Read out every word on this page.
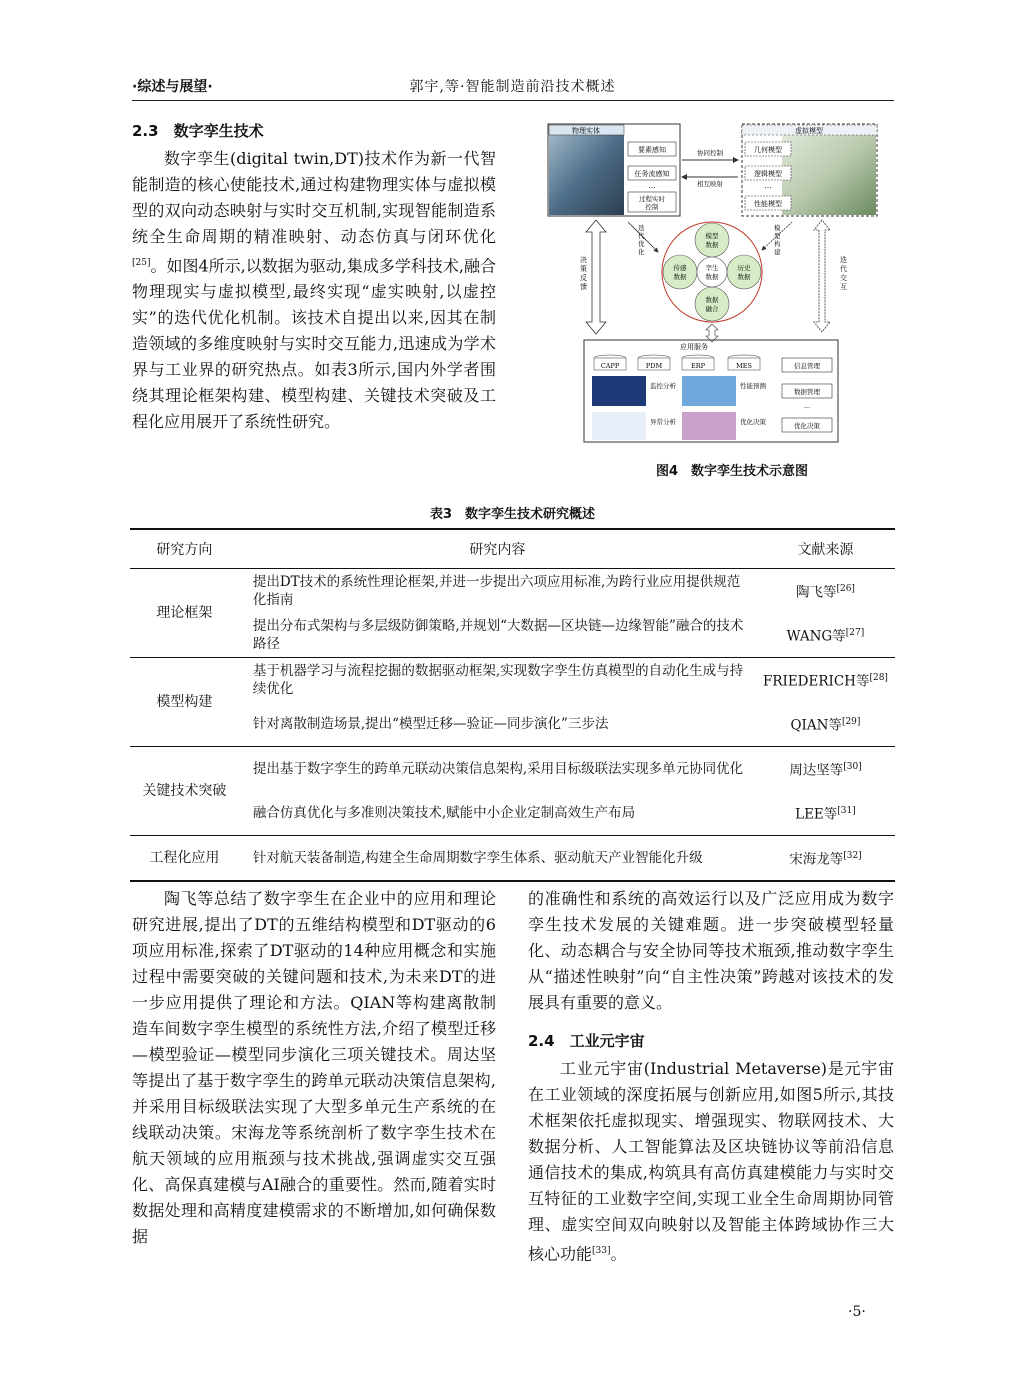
·综述与展望·	郭宇,等·智能制造前沿技术概述
2.3　数字孪生技术

数字孪生(digital twin,DT)技术作为新一代智能制造的核心使能技术,通过构建物理实体与虚拟模型的双向动态映射与实时交互机制,实现智能制造系统全生命周期的精准映射、动态仿真与闭环优化[25]。如图4所示,以数据为驱动,集成多学科技术,融合物理现实与虚拟模型,最终实现“虚实映射,以虚控实”的迭代优化机制。该技术自提出以来,因其在制造领域的多维度映射与实时交互能力,迅速成为学术界与工业界的研究热点。如表3所示,国内外学者围绕其理论框架构建、模型构建、关键技术突破及工程化应用展开了系统性研究。

物理实体
要素感知
任务流感知
…
过程实时
控制
虚拟模型
几何模型
逻辑模型
…
性能模型
协同控制
相互映射
决策反馈
迭代交互
迭代优化
模型构建
模型
数据
传感
数据
历史
数据
数据
融合
孪生
数据
应用服务
CAPP	PDM	ERP	MES
监控分析	性能预测
异常分析	优化决策
信息管理
数据管理
…
优化决策
图4　数字孪生技术示意图
表3　数字孪生技术研究概述
研究方向	研究内容	文献来源
理论框架	提出DT技术的系统性理论框架,并进一步提出六项应用标准,为跨行业应用提供规范化指南	陶飞等[26]
	提出分布式架构与多层级防御策略,并规划“大数据—区块链—边缘智能”融合的技术路径	WANG等[27]
模型构建	基于机器学习与流程挖掘的数据驱动框架,实现数字孪生仿真模型的自动化生成与持续优化	FRIEDERICH等[28]
	针对离散制造场景,提出“模型迁移—验证—同步演化”三步法	QIAN等[29]
关键技术突破	提出基于数字孪生的跨单元联动决策信息架构,采用目标级联法实现多单元协同优化	周达坚等[30]
	融合仿真优化与多准则决策技术,赋能中小企业定制高效生产布局	LEE等[31]
工程化应用	针对航天装备制造,构建全生命周期数字孪生体系、驱动航天产业智能化升级	宋海龙等[32]

陶飞等总结了数字孪生在企业中的应用和理论研究进展,提出了DT的五维结构模型和DT驱动的6项应用标准,探索了DT驱动的14种应用概念和实施过程中需要突破的关键问题和技术,为未来DT的进一步应用提供了理论和方法。QIAN等构建离散制造车间数字孪生模型的系统性方法,介绍了模型迁移—模型验证—模型同步演化三项关键技术。周达坚等提出了基于数字孪生的跨单元联动决策信息架构,并采用目标级联法实现了大型多单元生产系统的在线联动决策。宋海龙等系统剖析了数字孪生技术在航天领域的应用瓶颈与技术挑战,强调虚实交互强化、高保真建模与AI融合的重要性。然而,随着实时数据处理和高精度建模需求的不断增加,如何确保数据

的准确性和系统的高效运行以及广泛应用成为数字孪生技术发展的关键难题。进一步突破模型轻量化、动态耦合与安全协同等技术瓶颈,推动数字孪生从“描述性映射”向“自主性决策”跨越对该技术的发展具有重要的意义。

2.4　工业元宇宙

工业元宇宙(Industrial Metaverse)是元宇宙在工业领域的深度拓展与创新应用,如图5所示,其技术框架依托虚拟现实、增强现实、物联网技术、大数据分析、人工智能算法及区块链协议等前沿信息通信技术的集成,构筑具有高仿真建模能力与实时交互特征的工业数字空间,实现工业全生命周期协同管理、虚实空间双向映射以及智能主体跨域协作三大核心功能[33]。

·5·
